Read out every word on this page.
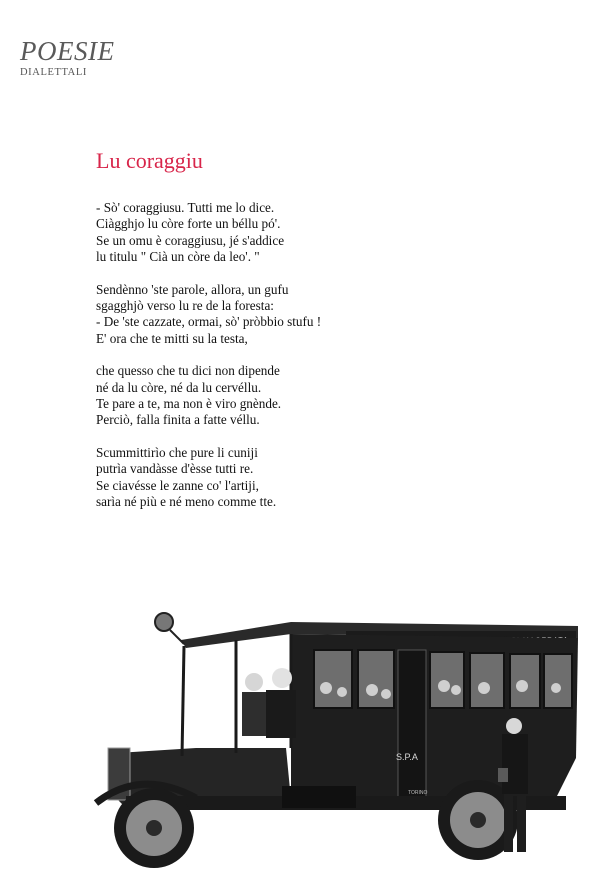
POESIE
DIALETTALI
Lu coraggiu
- Sò' coraggiusu. Tutti me lo dice.
Ciàgghjo lu còre forte un béllu pó'.
Se un omu è coraggiusu, jé s'addice
lu titulu " Cià un còre da leo'. "
Sendènno 'ste parole, allora, un gufu
sgagghjò verso lu re de la foresta:
- De 'ste cazzate, ormai, sò' pròbbio stufu !
E' ora che te mitti su la testa,
che quesso che tu dici non dipende
né da lu còre, né da lu cervéllu.
Te pare a te, ma non è viro gnènde.
Perciò, falla finita a fatte véllu.
Scummittirìo che pure li cuniji
putrìa vandàsse d'èsse tutti re.
Se ciavésse le zanne co' l'artiji,
sarìa né più e né meno comme tte.
S.P.A
TORINO
